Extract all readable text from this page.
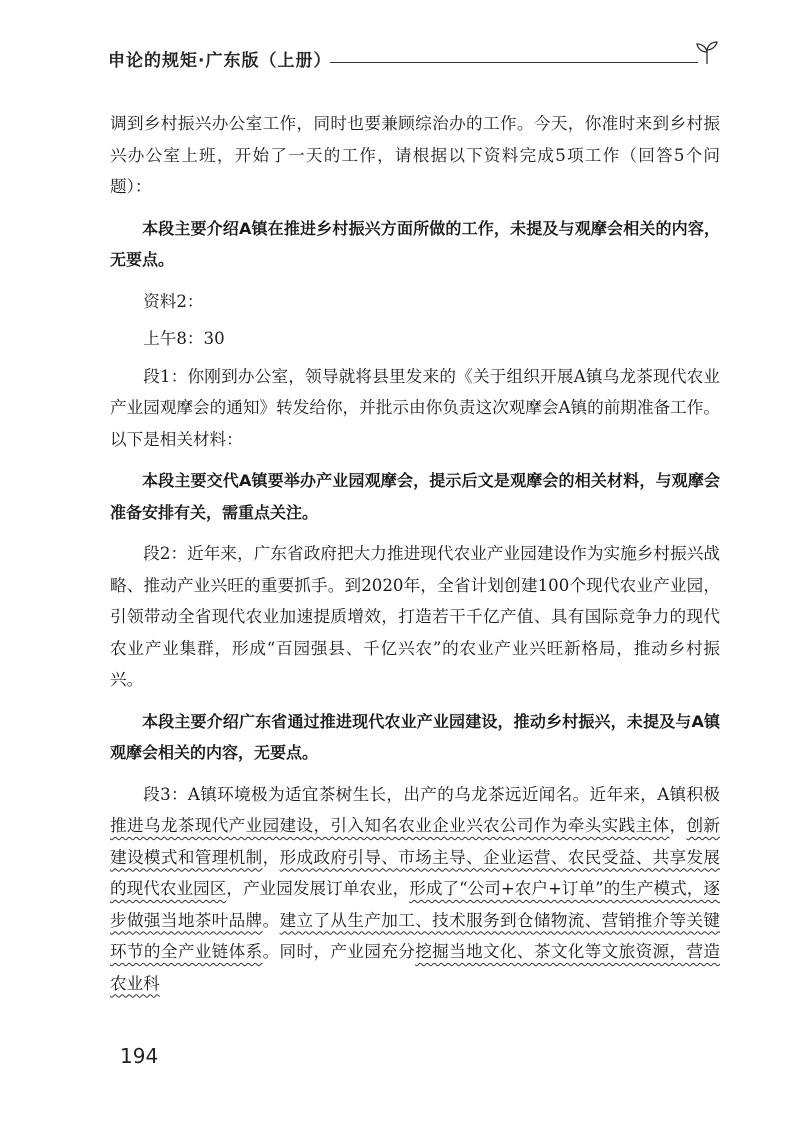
申论的规矩·广东版（上册）

调到乡村振兴办公室工作，同时也要兼顾综治办的工作。今天，你准时来到乡村振兴办公室上班，开始了一天的工作，请根据以下资料完成5项工作（回答5个问题）：

本段主要介绍A镇在推进乡村振兴方面所做的工作，未提及与观摩会相关的内容，无要点。

资料2：

上午8：30

段1：你刚到办公室，领导就将县里发来的《关于组织开展A镇乌龙茶现代农业产业园观摩会的通知》转发给你，并批示由你负责这次观摩会A镇的前期准备工作。以下是相关材料：

本段主要交代A镇要举办产业园观摩会，提示后文是观摩会的相关材料，与观摩会准备安排有关，需重点关注。

段2：近年来，广东省政府把大力推进现代农业产业园建设作为实施乡村振兴战略、推动产业兴旺的重要抓手。到2020年，全省计划创建100个现代农业产业园，引领带动全省现代农业加速提质增效，打造若干千亿产值、具有国际竞争力的现代农业产业集群，形成“百园强县、千亿兴农”的农业产业兴旺新格局，推动乡村振兴。

本段主要介绍广东省通过推进现代农业产业园建设，推动乡村振兴，未提及与A镇观摩会相关的内容，无要点。

段3：A镇环境极为适宜茶树生长，出产的乌龙茶远近闻名。近年来，A镇积极推进乌龙茶现代产业园建设，引入知名农业企业兴农公司作为牵头实践主体，创新建设模式和管理机制，形成政府引导、市场主导、企业运营、农民受益、共享发展的现代农业园区，产业园发展订单农业，形成了“公司+农户+订单”的生产模式，逐步做强当地茶叶品牌。建立了从生产加工、技术服务到仓储物流、营销推介等关键环节的全产业链体系。同时，产业园充分挖掘当地文化、茶文化等文旅资源，营造农业科

194
